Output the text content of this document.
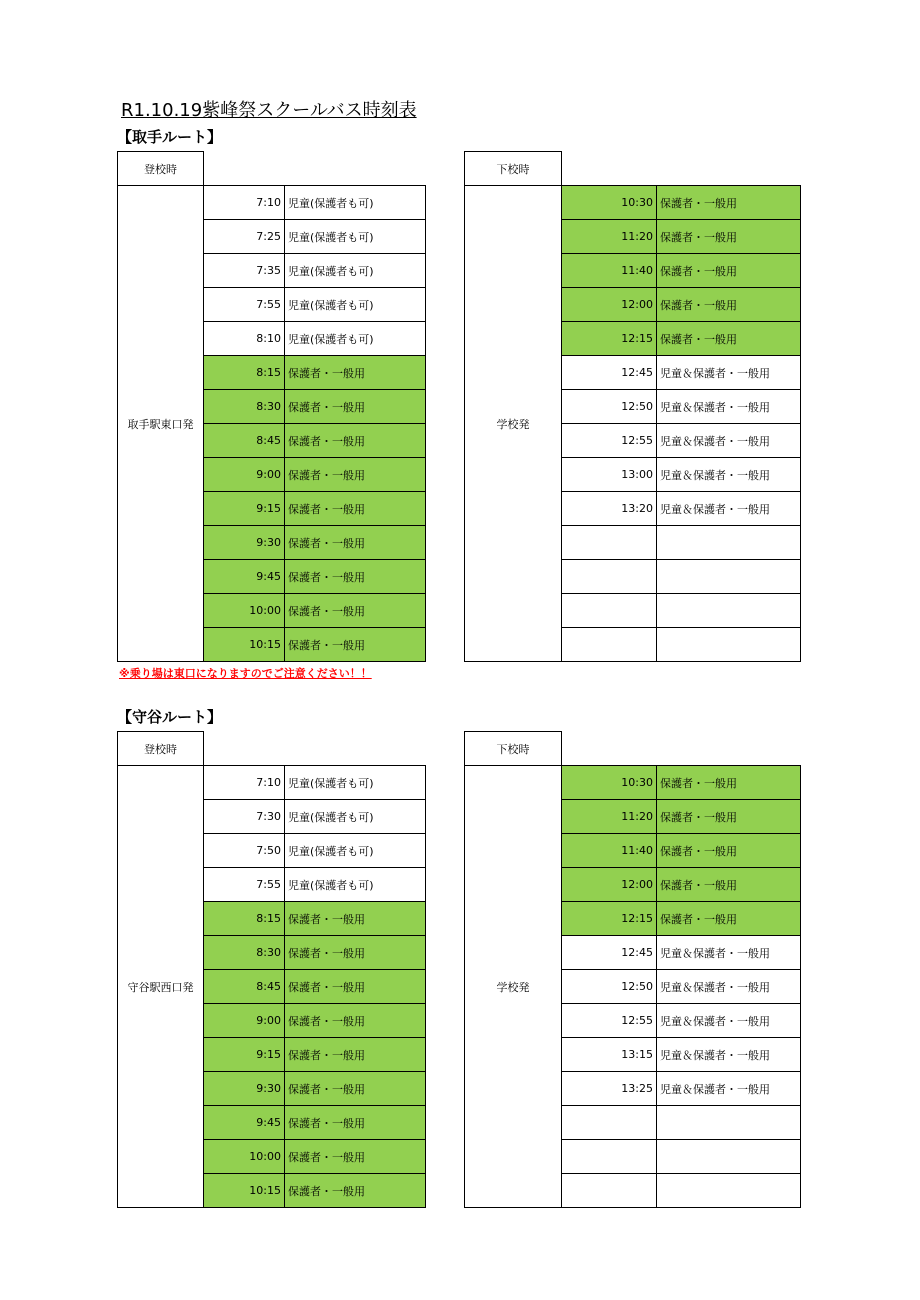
R1.10.19紫峰祭スクールバス時刻表
【取手ルート】
登校時		
取手駅東口発	7:10	児童(保護者も可)
	7:25	児童(保護者も可)
	7:35	児童(保護者も可)
	7:55	児童(保護者も可)
	8:10	児童(保護者も可)
	8:15	保護者・一般用
	8:30	保護者・一般用
	8:45	保護者・一般用
	9:00	保護者・一般用
	9:15	保護者・一般用
	9:30	保護者・一般用
	9:45	保護者・一般用
	10:00	保護者・一般用
	10:15	保護者・一般用
下校時		
学校発	10:30	保護者・一般用
	11:20	保護者・一般用
	11:40	保護者・一般用
	12:00	保護者・一般用
	12:15	保護者・一般用
	12:45	児童＆保護者・一般用
	12:50	児童＆保護者・一般用
	12:55	児童＆保護者・一般用
	13:00	児童＆保護者・一般用
	13:20	児童＆保護者・一般用

※乗り場は東口になりますのでご注意ください！！
【守谷ルート】
登校時		
守谷駅西口発	7:10	児童(保護者も可)
	7:30	児童(保護者も可)
	7:50	児童(保護者も可)
	7:55	児童(保護者も可)
	8:15	保護者・一般用
	8:30	保護者・一般用
	8:45	保護者・一般用
	9:00	保護者・一般用
	9:15	保護者・一般用
	9:30	保護者・一般用
	9:45	保護者・一般用
	10:00	保護者・一般用
	10:15	保護者・一般用
下校時		
学校発	10:30	保護者・一般用
	11:20	保護者・一般用
	11:40	保護者・一般用
	12:00	保護者・一般用
	12:15	保護者・一般用
	12:45	児童＆保護者・一般用
	12:50	児童＆保護者・一般用
	12:55	児童＆保護者・一般用
	13:15	児童＆保護者・一般用
	13:25	児童＆保護者・一般用
